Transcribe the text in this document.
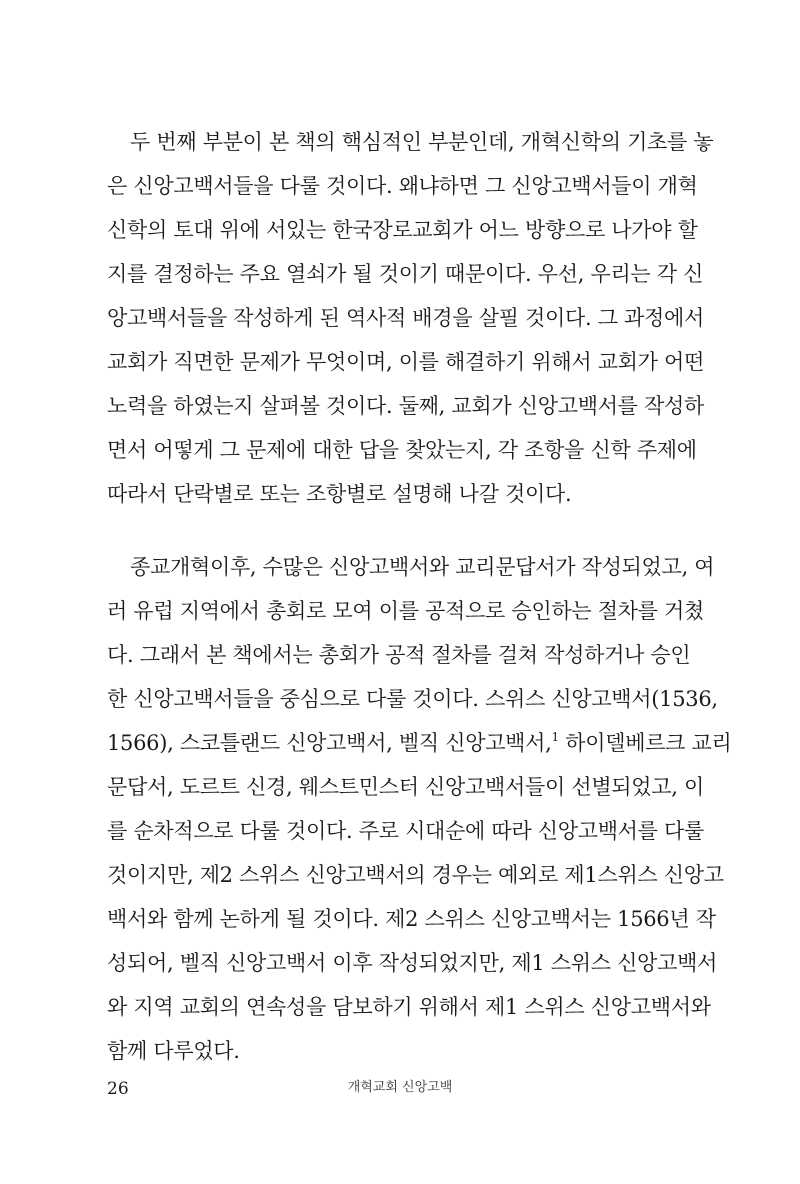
두 번째 부분이 본 책의 핵심적인 부분인데, 개혁신학의 기초를 놓
은 신앙고백서들을 다룰 것이다. 왜냐하면 그 신앙고백서들이 개혁
신학의 토대 위에 서있는 한국장로교회가 어느 방향으로 나가야 할
지를 결정하는 주요 열쇠가 될 것이기 때문이다. 우선, 우리는 각 신
앙고백서들을 작성하게 된 역사적 배경을 살필 것이다. 그 과정에서
교회가 직면한 문제가 무엇이며, 이를 해결하기 위해서 교회가 어떤
노력을 하였는지 살펴볼 것이다. 둘째, 교회가 신앙고백서를 작성하
면서 어떻게 그 문제에 대한 답을 찾았는지, 각 조항을 신학 주제에
따라서 단락별로 또는 조항별로 설명해 나갈 것이다.
종교개혁이후, 수많은 신앙고백서와 교리문답서가 작성되었고, 여
러 유럽 지역에서 총회로 모여 이를 공적으로 승인하는 절차를 거쳤
다. 그래서 본 책에서는 총회가 공적 절차를 걸쳐 작성하거나 승인
한 신앙고백서들을 중심으로 다룰 것이다. 스위스 신앙고백서(1536,
1566), 스코틀랜드 신앙고백서, 벨직 신앙고백서,$^1$ 하이델베르크 교리
문답서, 도르트 신경, 웨스트민스터 신앙고백서들이 선별되었고, 이
를 순차적으로 다룰 것이다. 주로 시대순에 따라 신앙고백서를 다룰
것이지만, 제2 스위스 신앙고백서의 경우는 예외로 제1스위스 신앙고
백서와 함께 논하게 될 것이다. 제2 스위스 신앙고백서는 1566년 작
성되어, 벨직 신앙고백서 이후 작성되었지만, 제1 스위스 신앙고백서
와 지역 교회의 연속성을 담보하기 위해서 제1 스위스 신앙고백서와
함께 다루었다.
26	개혁교회 신앙고백
